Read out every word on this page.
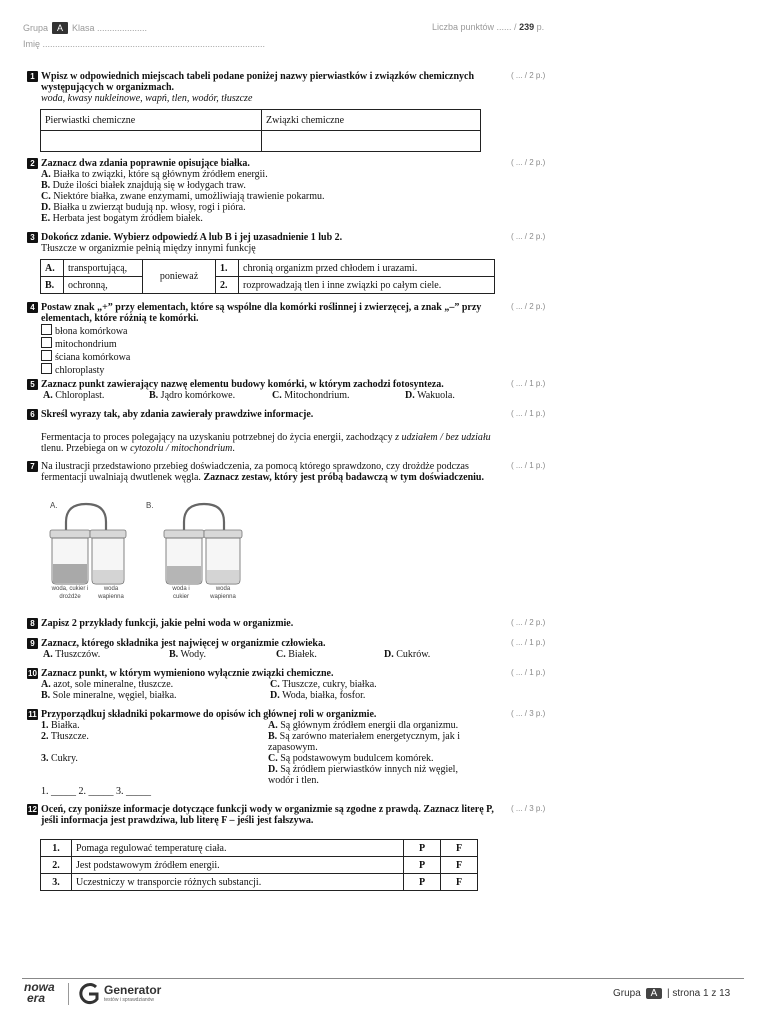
Grupa A Klasa ....................
Imię .........................................................................................
Liczba punktów ...... / 239 p.
1 Wpisz w odpowiednich miejscach tabeli podane poniżej nazwy pierwiastków i związków chemicznych występujących w organizmach.
woda, kwasy nukleinowe, wapń, tlen, wodór, tłuszcze
( ... / 2 p.)
Pierwiastki chemiczne	Związki chemiczne

2 Zaznacz dwa zdania poprawnie opisujące białka.
A. Białka to związki, które są głównym źródłem energii.
B. Duże ilości białek znajdują się w łodygach traw.
C. Niektóre białka, zwane enzymami, umożliwiają trawienie pokarmu.
D. Białka u zwierząt budują np. włosy, rogi i pióra.
E. Herbata jest bogatym źródłem białek.
( ... / 2 p.)
3 Dokończ zdanie. Wybierz odpowiedź A lub B i jej uzasadnienie 1 lub 2.
Tłuszcze w organizmie pełnią między innymi funkcję
( ... / 2 p.)
A.	transportującą,	ponieważ	1.	chronią organizm przed chłodem i urazami.
B.	ochronną,		2.	rozprowadzają tlen i inne związki po całym ciele.
4 Postaw znak „+” przy elementach, które są wspólne dla komórki roślinnej i zwierzęcej, a znak „–” przy elementach, które różnią te komórki.
błona komórkowa
mitochondrium
ściana komórkowa
chloroplasty
( ... / 2 p.)
5 Zaznacz punkt zawierający nazwę elementu budowy komórki, w którym zachodzi fotosynteza.
A. Chloroplast.	B. Jądro komórkowe.	C. Mitochondrium.	D. Wakuola.
( ... / 1 p.)
6 Skreśl wyrazy tak, aby zdania zawierały prawdziwe informacje.
Fermentacja to proces polegający na uzyskaniu potrzebnej do życia energii, zachodzący z udziałem / bez udziału tlenu. Przebiega on w cytozolu / mitochondrium.
( ... / 1 p.)
7 Na ilustracji przedstawiono przebieg doświadczenia, za pomocą którego sprawdzono, czy drożdże podczas fermentacji uwalniają dwutlenek węgla. Zaznacz zestaw, który jest próbą badawczą w tym doświadczeniu.
( ... / 1 p.)
A.	B.
woda, cukier i drożdże
woda wapienna
woda i cukier
woda wapienna
8 Zapisz 2 przykłady funkcji, jakie pełni woda w organizmie.	( ... / 2 p.)
9 Zaznacz, którego składnika jest najwięcej w organizmie człowieka.
A. Tłuszczów.	B. Wody.	C. Białek.	D. Cukrów.
( ... / 1 p.)
10 Zaznacz punkt, w którym wymieniono wyłącznie związki chemiczne.
A. azot, sole mineralne, tłuszcze.	C. Tłuszcze, cukry, białka.
B. Sole mineralne, węgiel, białka.	D. Woda, białka, fosfor.
( ... / 1 p.)
11 Przyporządkuj składniki pokarmowe do opisów ich głównej roli w organizmie.
1. Białka.
2. Tłuszcze.
3. Cukry.
A. Są głównym źródłem energii dla organizmu.
B. Są zarówno materiałem energetycznym, jak i zapasowym.
C. Są podstawowym budulcem komórek.
D. Są źródłem pierwiastków innych niż węgiel, wodór i tlen.
1. _____ 2. _____ 3. _____
( ... / 3 p.)
12 Oceń, czy poniższe informacje dotyczące funkcji wody w organizmie są zgodne z prawdą. Zaznacz literę P, jeśli informacja jest prawdziwa, lub literę F – jeśli jest fałszywa.
( ... / 3 p.)
1.	Pomaga regulować temperaturę ciała.	P	F
2.	Jest podstawowym źródłem energii.	P	F
3.	Uczestniczy w transporcie różnych substancji.	P	F
nowa
era
Generator
testów i sprawdzianów
Grupa A | strona 1 z 13
